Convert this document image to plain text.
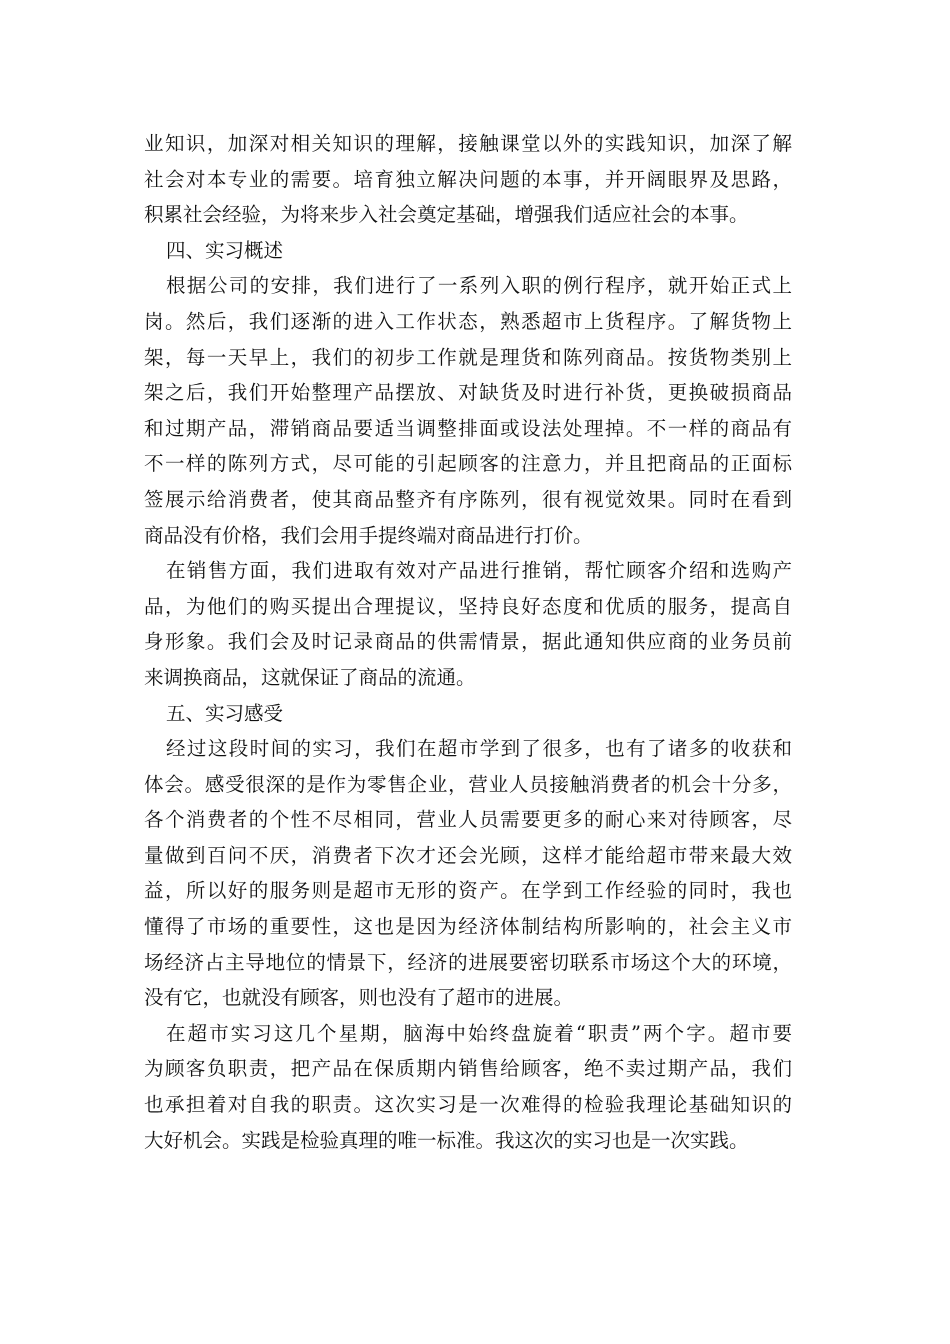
业知识，加深对相关知识的理解，接触课堂以外的实践知识，加深了解
社会对本专业的需要。培育独立解决问题的本事，并开阔眼界及思路，
积累社会经验，为将来步入社会奠定基础，增强我们适应社会的本事。
四、实习概述
根据公司的安排，我们进行了一系列入职的例行程序，就开始正式上
岗。然后，我们逐渐的进入工作状态，熟悉超市上货程序。了解货物上
架，每一天早上，我们的初步工作就是理货和陈列商品。按货物类别上
架之后，我们开始整理产品摆放、对缺货及时进行补货，更换破损商品
和过期产品，滞销商品要适当调整排面或设法处理掉。不一样的商品有
不一样的陈列方式，尽可能的引起顾客的注意力，并且把商品的正面标
签展示给消费者，使其商品整齐有序陈列，很有视觉效果。同时在看到
商品没有价格，我们会用手提终端对商品进行打价。
在销售方面，我们进取有效对产品进行推销，帮忙顾客介绍和选购产
品，为他们的购买提出合理提议，坚持良好态度和优质的服务，提高自
身形象。我们会及时记录商品的供需情景，据此通知供应商的业务员前
来调换商品，这就保证了商品的流通。
五、实习感受
经过这段时间的实习，我们在超市学到了很多，也有了诸多的收获和
体会。感受很深的是作为零售企业，营业人员接触消费者的机会十分多，
各个消费者的个性不尽相同，营业人员需要更多的耐心来对待顾客，尽
量做到百问不厌，消费者下次才还会光顾，这样才能给超市带来最大效
益，所以好的服务则是超市无形的资产。在学到工作经验的同时，我也
懂得了市场的重要性，这也是因为经济体制结构所影响的，社会主义市
场经济占主导地位的情景下，经济的进展要密切联系市场这个大的环境，
没有它，也就没有顾客，则也没有了超市的进展。
在超市实习这几个星期，脑海中始终盘旋着“职责”两个字。超市要
为顾客负职责，把产品在保质期内销售给顾客，绝不卖过期产品，我们
也承担着对自我的职责。这次实习是一次难得的检验我理论基础知识的
大好机会。实践是检验真理的唯一标准。我这次的实习也是一次实践。
